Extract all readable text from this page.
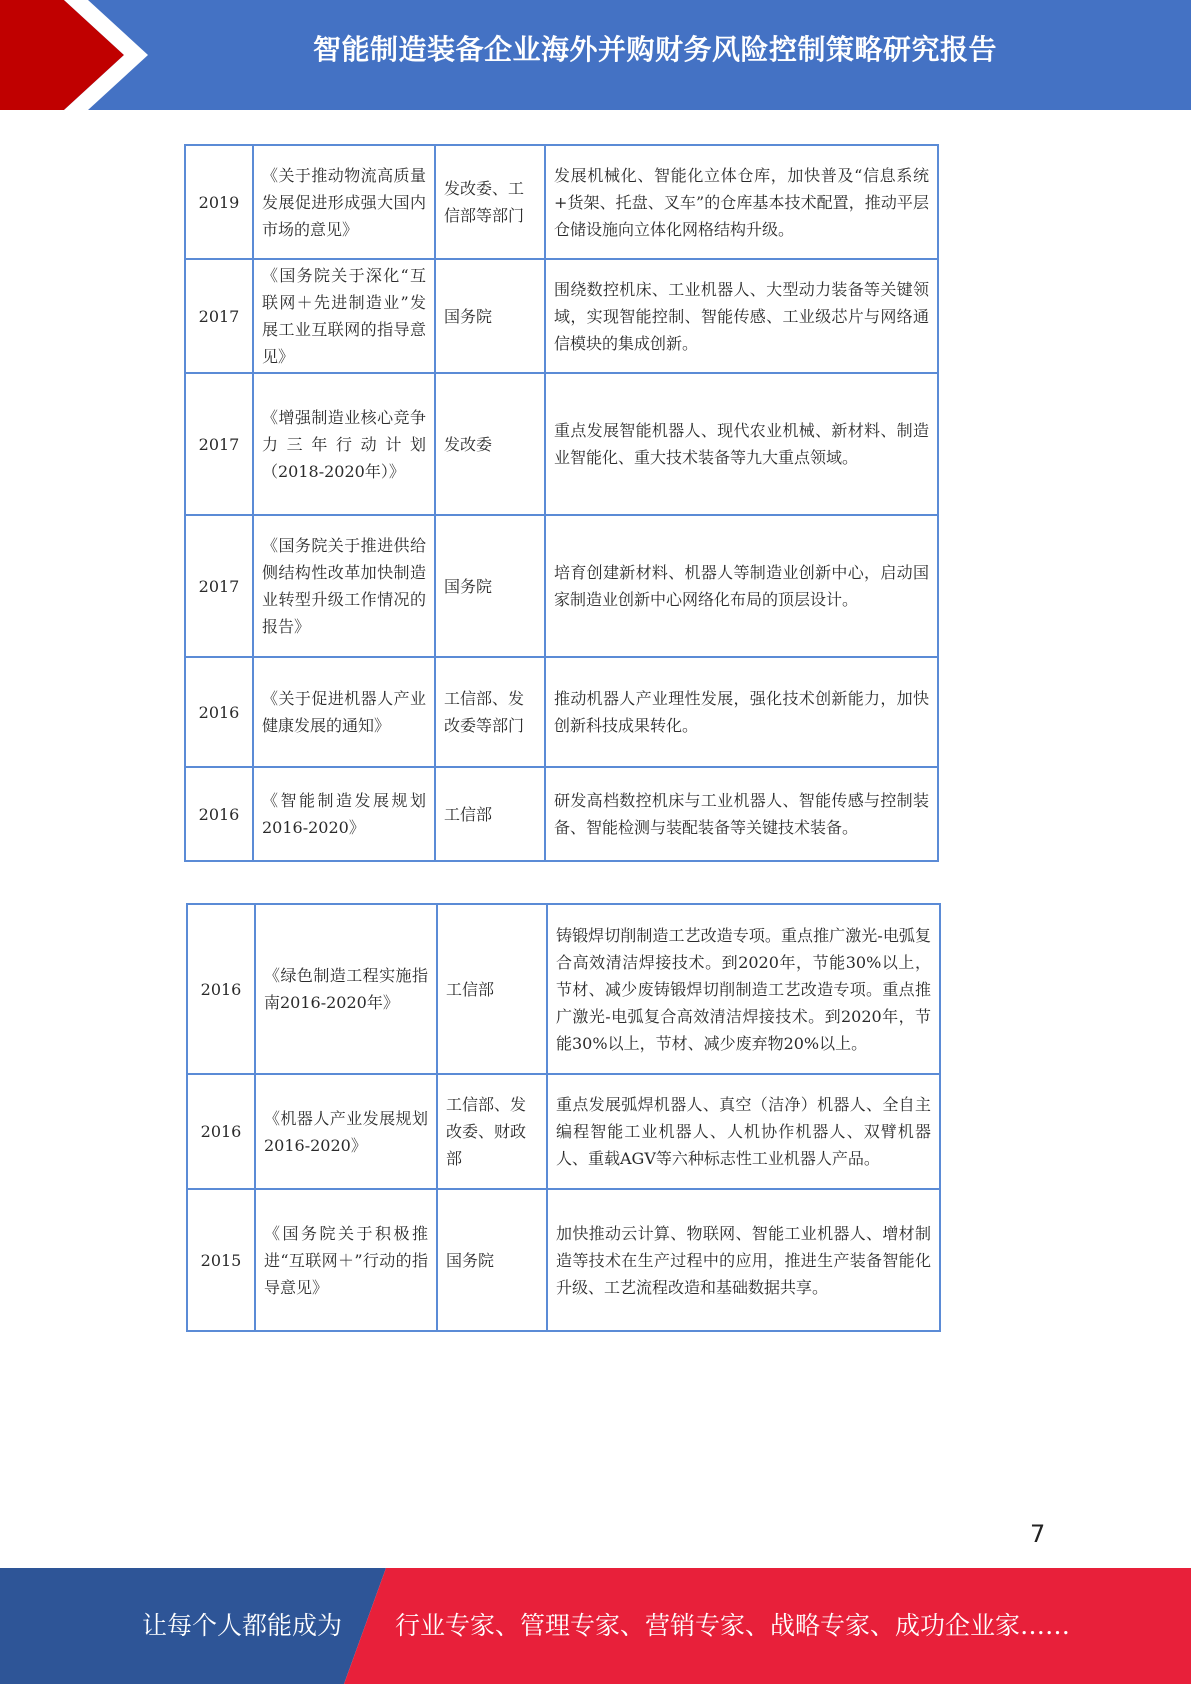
智能制造装备企业海外并购财务风险控制策略研究报告
2019	《关于推动物流高质量发展促进形成强大国内市场的意见》	发改委、工信部等部门	发展机械化、智能化立体仓库，加快普及“信息系统+货架、托盘、叉车”的仓库基本技术配置，推动平层仓储设施向立体化网格结构升级。
2017	《国务院关于深化“互联网＋先进制造业”发展工业互联网的指导意见》	国务院	围绕数控机床、工业机器人、大型动力装备等关键领域，实现智能控制、智能传感、工业级芯片与网络通信模块的集成创新。
2017	《增强制造业核心竞争力三年行动计划（2018-2020年）》	发改委	重点发展智能机器人、现代农业机械、新材料、制造业智能化、重大技术装备等九大重点领域。
2017	《国务院关于推进供给侧结构性改革加快制造业转型升级工作情况的报告》	国务院	培育创建新材料、机器人等制造业创新中心，启动国家制造业创新中心网络化布局的顶层设计。
2016	《关于促进机器人产业健康发展的通知》	工信部、发改委等部门	推动机器人产业理性发展，强化技术创新能力，加快创新科技成果转化。
2016	《智能制造发展规划2016-2020》	工信部	研发高档数控机床与工业机器人、智能传感与控制装备、智能检测与装配装备等关键技术装备。
2016	《绿色制造工程实施指南2016-2020年》	工信部	铸锻焊切削制造工艺改造专项。重点推广激光-电弧复合高效清洁焊接技术。到2020年，节能30%以上，节材、减少废铸锻焊切削制造工艺改造专项。重点推广激光-电弧复合高效清洁焊接技术。到2020年，节能30%以上，节材、减少废弃物20%以上。
2016	《机器人产业发展规划2016-2020》	工信部、发改委、财政部	重点发展弧焊机器人、真空（洁净）机器人、全自主编程智能工业机器人、人机协作机器人、双臂机器人、重载AGV等六种标志性工业机器人产品。
2015	《国务院关于积极推进“互联网＋”行动的指导意见》	国务院	加快推动云计算、物联网、智能工业机器人、增材制造等技术在生产过程中的应用，推进生产装备智能化升级、工艺流程改造和基础数据共享。
7
让每个人都能成为 行业专家、管理专家、营销专家、战略专家、成功企业家……
